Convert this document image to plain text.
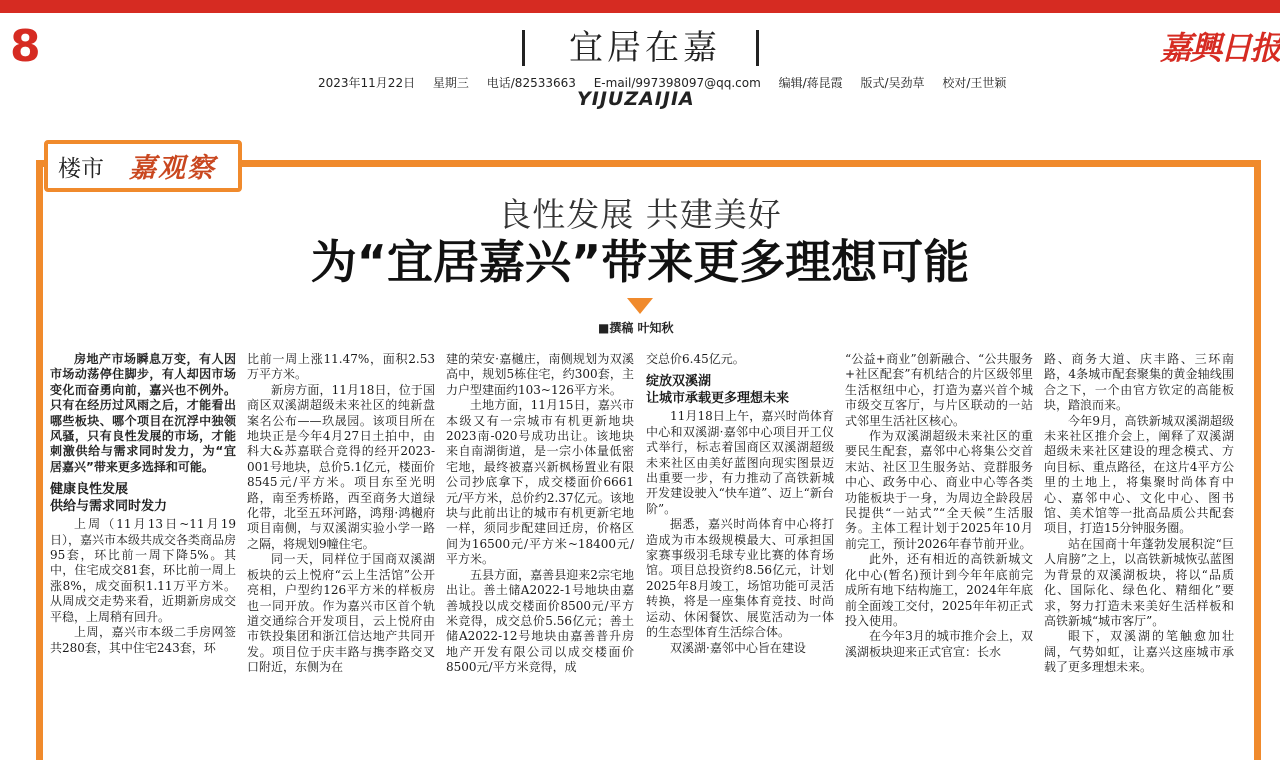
8	宜居在嘉	嘉興日报
2023年11月22日 星期三 电话/82533663 E-mail/997398097@qq.com 编辑/蒋昆霞 版式/吴劲草 校对/王世颖
YIJUZAIJIA
楼市 嘉观察
良性发展 共建美好
为“宜居嘉兴”带来更多理想可能
■撰稿 叶知秋

房地产市场瞬息万变，有人因市场动荡停住脚步，有人却因市场变化而奋勇向前，嘉兴也不例外。只有在经历过风雨之后，才能看出哪些板块、哪个项目在沉浮中独领风骚，只有良性发展的市场，才能刺激供给与需求同时发力，为“宜居嘉兴”带来更多选择和可能。

健康良性发展
供给与需求同时发力

上周（11月13日~11月19日），嘉兴市本级共成交各类商品房95套，环比前一周下降5%。其中，住宅成交81套，环比前一周上涨8%，成交面积1.11万平方米。从周成交走势来看，近期新房成交平稳，上周稍有回升。

上周，嘉兴市本级二手房网签共280套，其中住宅243套，环

比前一周上涨11.47%，面积2.53万平方米。

新房方面，11月18日，位于国商区双溪湖超级未来社区的纯新盘案名公布——玖晟园。该项目所在地块正是今年4月27日土拍中，由科大&苏嘉联合竞得的经开2023-001号地块，总价5.1亿元，楼面价8545元/平方米。项目东至光明路，南至秀桥路，西至商务大道绿化带，北至五环河路，鸿翔·鸿樾府项目南侧，与双溪湖实验小学一路之隔，将规划9幢住宅。

同一天，同样位于国商双溪湖板块的云上悦府“云上生活馆”公开亮相，户型约126平方米的样板房也一同开放。作为嘉兴市区首个轨道交通综合开发项目，云上悦府由市铁投集团和浙江信达地产共同开发。项目位于庆丰路与携李路交叉口附近，东侧为在

建的荣安·嘉樾庄，南侧规划为双溪高中，规划5栋住宅，约300套，主力户型建面约103~126平方米。

土地方面，11月15日，嘉兴市本级又有一宗城市有机更新地块2023南-020号成功出让。该地块来自南湖街道，是一宗小体量低密宅地，最终被嘉兴新枫杨置业有限公司抄底拿下，成交楼面价6661元/平方米，总价约2.37亿元。该地块与此前出让的城市有机更新宅地一样，须同步配建回迁房，价格区间为16500元/平方米~18400元/平方米。

五县方面，嘉善县迎来2宗宅地出让。善土储A2022-1号地块由嘉善城投以成交楼面价8500元/平方米竞得，成交总价5.56亿元；善土储A2022-12号地块由嘉善普升房地产开发有限公司以成交楼面价8500元/平方米竞得，成

交总价6.45亿元。

绽放双溪湖
让城市承载更多理想未来

11月18日上午，嘉兴时尚体育中心和双溪湖·嘉邻中心项目开工仪式举行，标志着国商区双溪湖超级未来社区由美好蓝图向现实图景迈出重要一步，有力推动了高铁新城开发建设驶入“快车道”、迈上“新台阶”。

据悉，嘉兴时尚体育中心将打造成为市本级规模最大、可承担国家赛事级羽毛球专业比赛的体育场馆。项目总投资约8.56亿元，计划2025年8月竣工，场馆功能可灵活转换，将是一座集体育竞技、时尚运动、休闲餐饮、展览活动为一体的生态型体育生活综合体。

双溪湖·嘉邻中心旨在建设

“公益+商业”创新融合、“公共服务+社区配套”有机结合的片区级邻里生活枢纽中心，打造为嘉兴首个城市级交互客厅，与片区联动的一站式邻里生活社区核心。

作为双溪湖超级未来社区的重要民生配套，嘉邻中心将集公交首末站、社区卫生服务站、竞群服务中心、政务中心、商业中心等各类功能板块于一身，为周边全龄段居民提供“一站式”“全天候”生活服务。主体工程计划于2025年10月前完工，预计2026年春节前开业。

此外，还有相近的高铁新城文化中心(暂名)预计到今年年底前完成所有地下结构施工，2024年年底前全面竣工交付，2025年年初正式投入使用。

在今年3月的城市推介会上，双溪湖板块迎来正式官宣：长水

路、商务大道、庆丰路、三环南路，4条城市配套聚集的黄金轴线围合之下，一个由官方钦定的高能板块，踏浪而来。

今年9月，高铁新城双溪湖超级未来社区推介会上，阐释了双溪湖超级未来社区建设的理念模式、方向目标、重点路径，在这片4平方公里的土地上，将集聚时尚体育中心、嘉邻中心、文化中心、图书馆、美术馆等一批高品质公共配套项目，打造15分钟服务圈。

站在国商十年蓬勃发展积淀“巨人肩膀”之上，以高铁新城恢弘蓝图为背景的双溪湖板块，将以“品质化、国际化、绿色化、精细化”要求，努力打造未来美好生活样板和高铁新城“城市客厅”。

眼下，双溪湖的笔触愈加壮阔，气势如虹，让嘉兴这座城市承载了更多理想未来。
